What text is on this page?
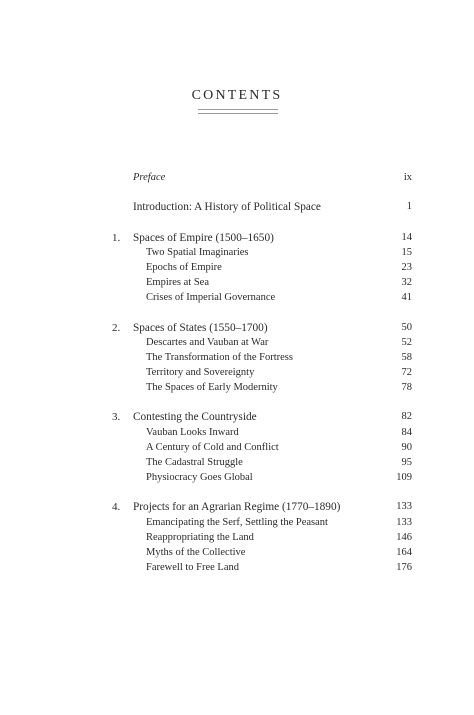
CONTENTS
Preface	ix
Introduction: A History of Political Space	1
1. Spaces of Empire (1500–1650)	14
Two Spatial Imaginaries	15
Epochs of Empire	23
Empires at Sea	32
Crises of Imperial Governance	41
2. Spaces of States (1550–1700)	50
Descartes and Vauban at War	52
The Transformation of the Fortress	58
Territory and Sovereignty	72
The Spaces of Early Modernity	78
3. Contesting the Countryside	82
Vauban Looks Inward	84
A Century of Cold and Conflict	90
The Cadastral Struggle	95
Physiocracy Goes Global	109
4. Projects for an Agrarian Regime (1770–1890)	133
Emancipating the Serf, Settling the Peasant	133
Reappropriating the Land	146
Myths of the Collective	164
Farewell to Free Land	176
